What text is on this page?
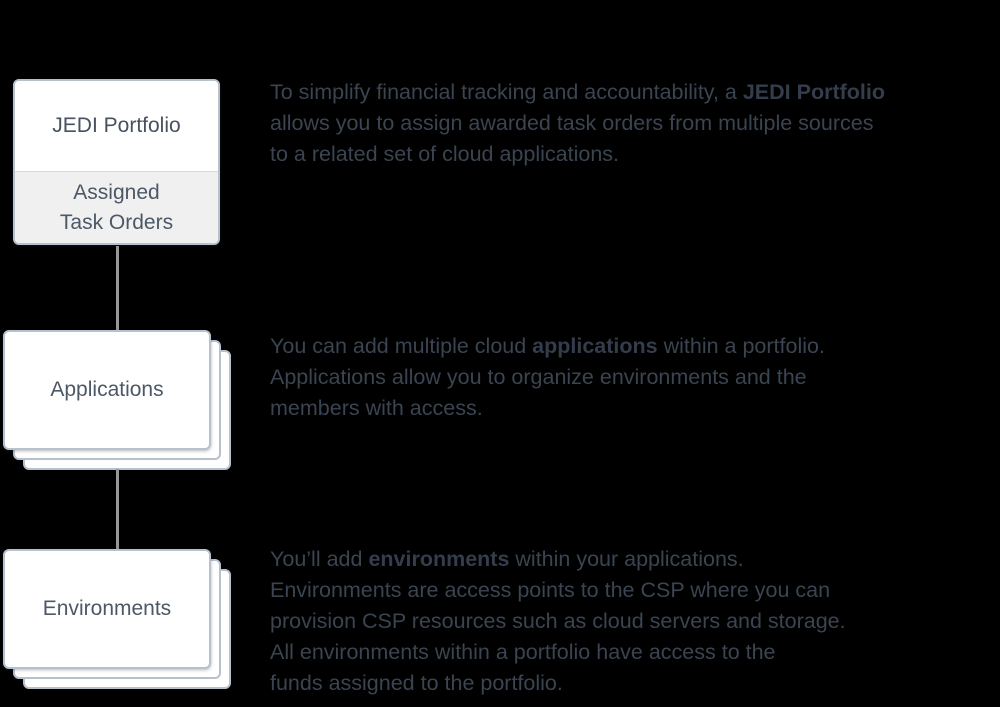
JEDI Portfolio
Assigned
Task Orders
Applications
Environments
To simplify financial tracking and accountability, a JEDI Portfolio
allows you to assign awarded task orders from multiple sources
to a related set of cloud applications.
You can add multiple cloud applications within a portfolio.
Applications allow you to organize environments and the
members with access.
You’ll add environments within your applications.
Environments are access points to the CSP where you can
provision CSP resources such as cloud servers and storage.
All environments within a portfolio have access to the
funds assigned to the portfolio.
